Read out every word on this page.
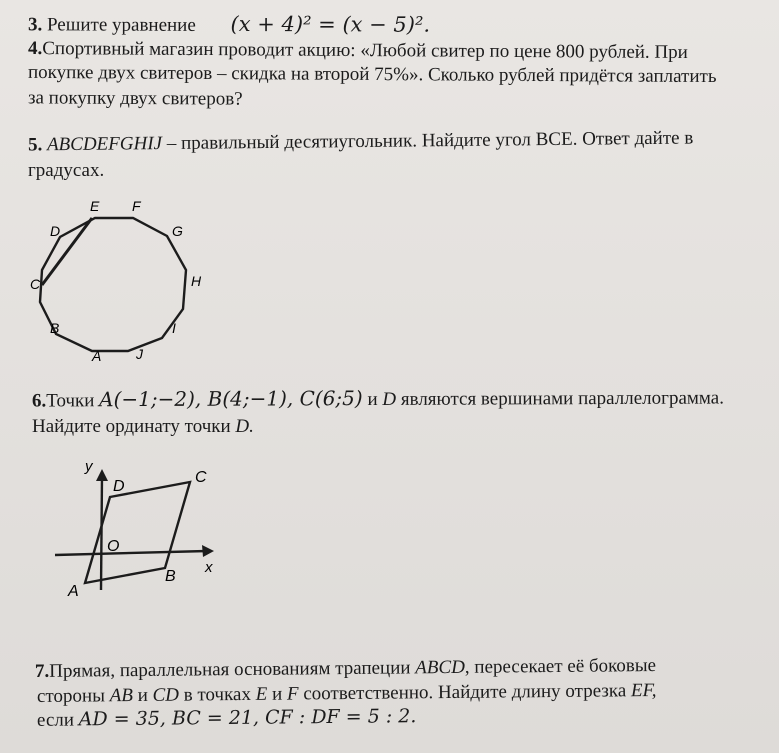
3. Решите уравнение (x + 4)² = (x − 5)².
4.Спортивный магазин проводит акцию: «Любой свитер по цене 800 рублей. При
покупке двух свитеров – скидка на второй 75%». Сколько рублей придётся заплатить
за покупку двух свитеров?
5. ABCDEFGHIJ – правильный десятиугольник. Найдите угол ВСЕ. Ответ дайте в
градусах.
E F
D	G
C	H
B	I
A J
6.Точки A(−1;−2), B(4;−1), C(6;5) и D являются вершинами параллелограмма.
Найдите ординату точки D.
y
x
O
A
B
C
D
7.Прямая, параллельная основаниям трапеции ABCD, пересекает её боковые
стороны AB и CD в точках E и F соответственно. Найдите длину отрезка EF,
если AD = 35, BC = 21, CF : DF = 5 : 2.
